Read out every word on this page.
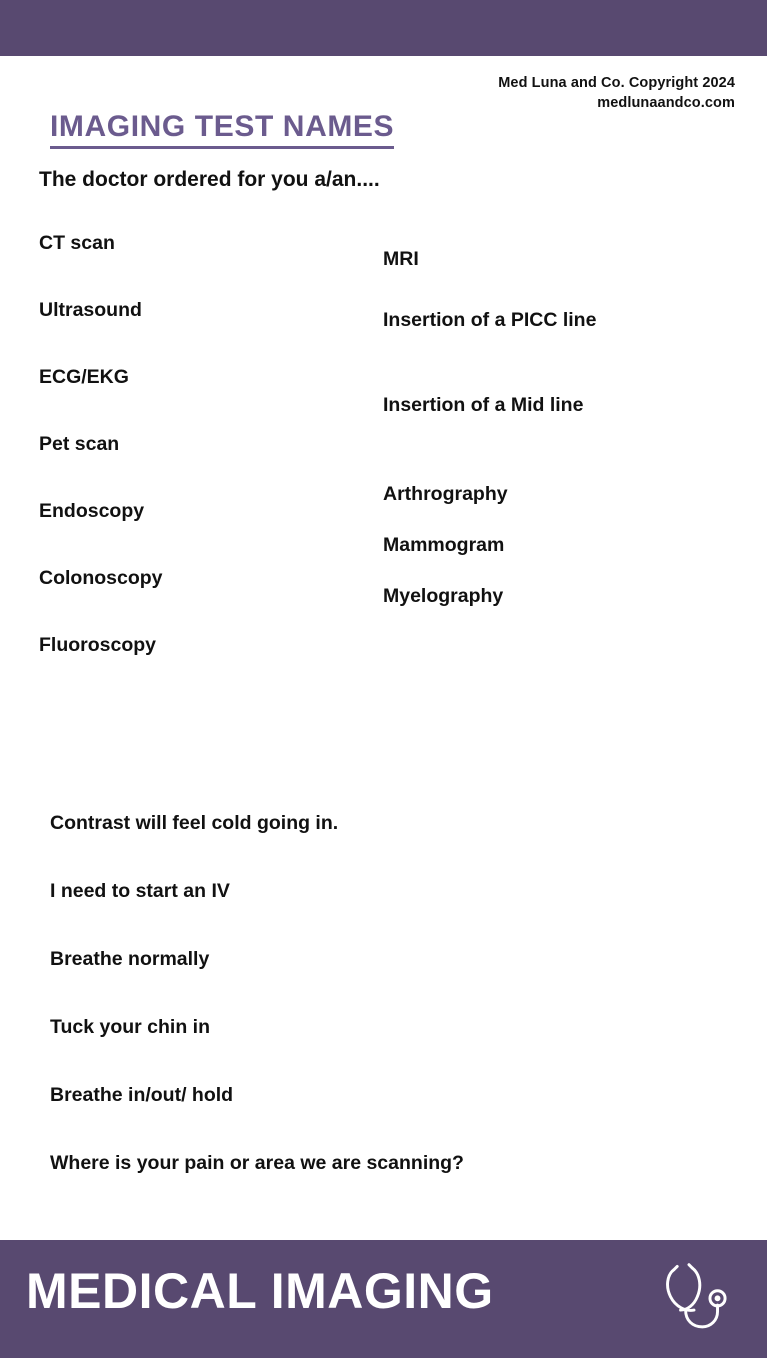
Med Luna and Co. Copyright 2024
medlunaandco.com
IMAGING TEST NAMES
The doctor ordered for you a/an....
CT scan
Ultrasound
ECG/EKG
Pet scan
Endoscopy
Colonoscopy
Fluoroscopy
MRI
Insertion of a PICC line
Insertion of a Mid line
Arthrography
Mammogram
Myelography
Contrast will feel cold going in.
I need to start an IV
Breathe normally
Tuck your chin in
Breathe in/out/ hold
Where is your pain or area we are scanning?
MEDICAL IMAGING
